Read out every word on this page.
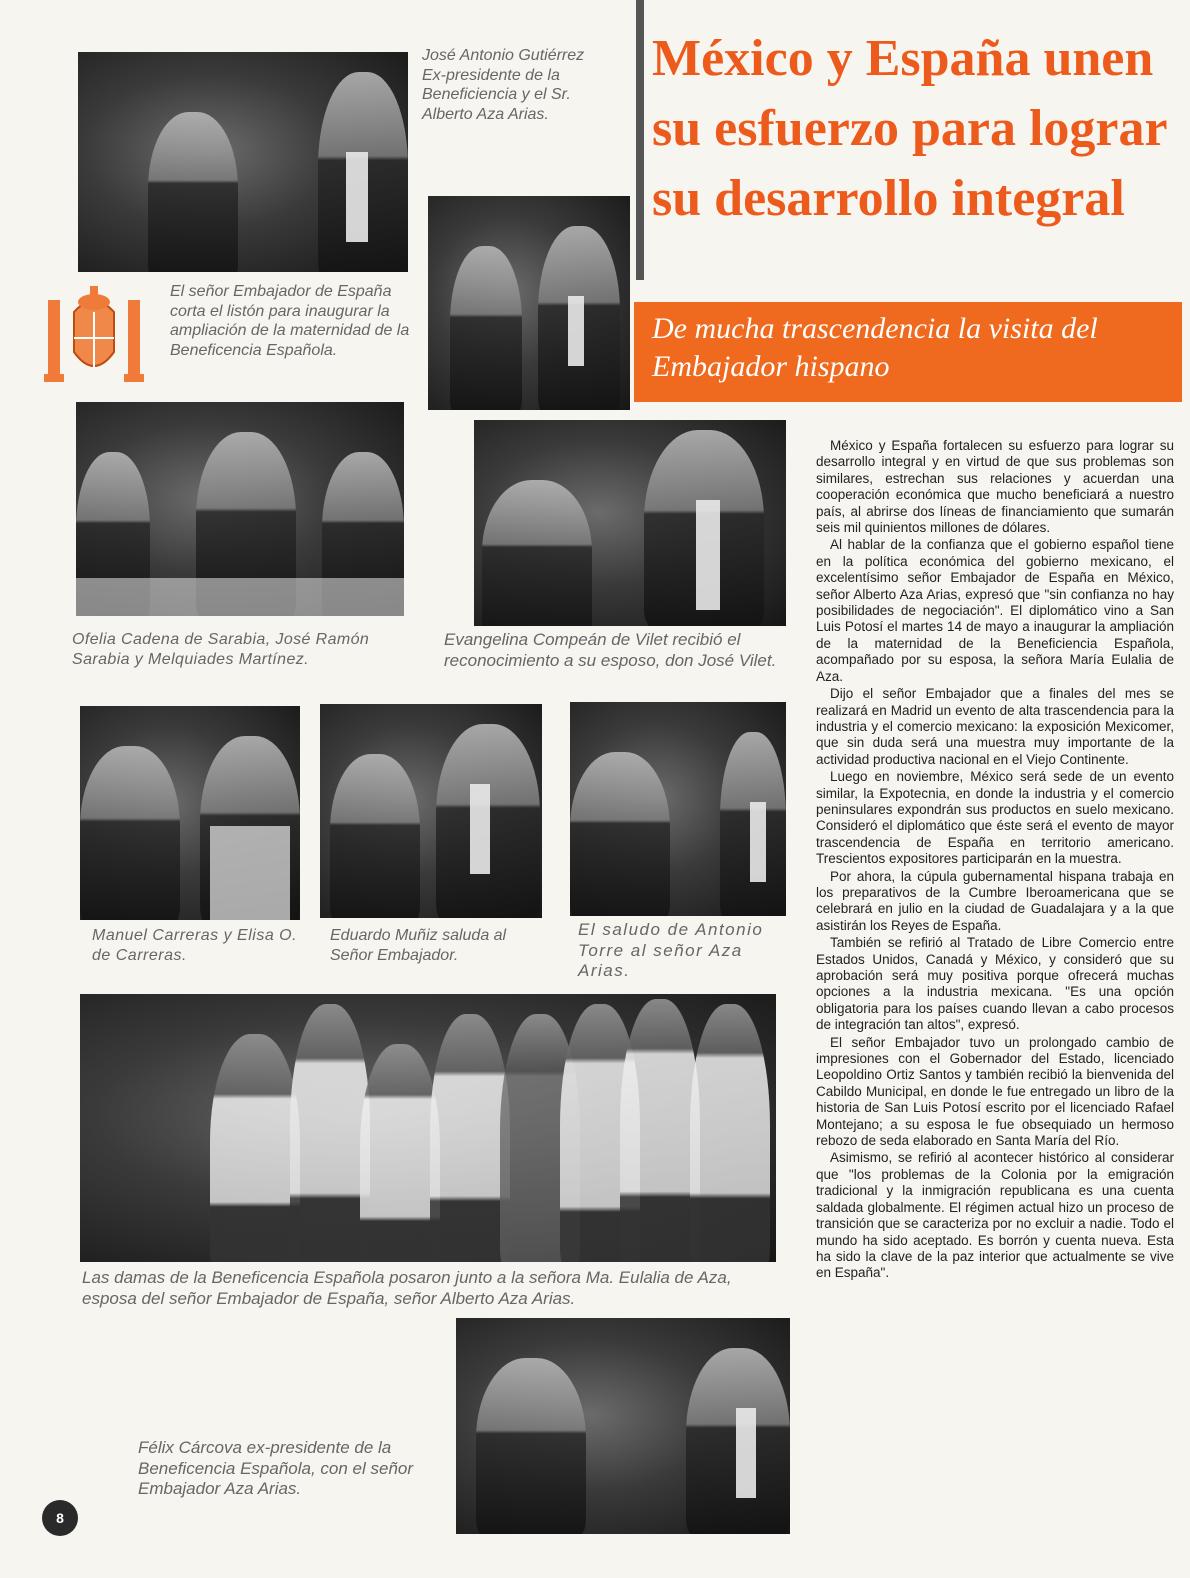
México y España unen su esfuerzo para lograr su desarrollo integral
De mucha trascendencia la visita del Embajador hispano
José Antonio Gutiérrez Ex-presidente de la Beneficiencia y el Sr. Alberto Aza Arias.
El señor Embajador de España corta el listón para inaugurar la ampliación de la maternidad de la Beneficencia Española.
Ofelia Cadena de Sarabia, José Ramón Sarabia y Melquiades Martínez.
Evangelina Compeán de Vilet recibió el reconocimiento a su esposo, don José Vilet.
Manuel Carreras y Elisa O. de Carreras.
Eduardo Muñiz saluda al Señor Embajador.
El saludo de Antonio Torre al señor Aza Arias.
Las damas de la Beneficencia Española posaron junto a la señora Ma. Eulalia de Aza, esposa del señor Embajador de España, señor Alberto Aza Arias.
Félix Cárcova ex-presidente de la Beneficencia Española, con el señor Embajador Aza Arias.

México y España fortalecen su esfuerzo para lograr su desarrollo integral y en virtud de que sus problemas son similares, estrechan sus relaciones y acuerdan una cooperación económica que mucho beneficiará a nuestro país, al abrirse dos líneas de financiamiento que sumarán seis mil quinientos millones de dólares.

Al hablar de la confianza que el gobierno español tiene en la política económica del gobierno mexicano, el excelentísimo señor Embajador de España en México, señor Alberto Aza Arias, expresó que "sin confianza no hay posibilidades de negociación". El diplomático vino a San Luis Potosí el martes 14 de mayo a inaugurar la ampliación de la maternidad de la Beneficiencia Española, acompañado por su esposa, la señora María Eulalia de Aza.

Dijo el señor Embajador que a finales del mes se realizará en Madrid un evento de alta trascendencia para la industria y el comercio mexicano: la exposición Mexicomer, que sin duda será una muestra muy importante de la actividad productiva nacional en el Viejo Continente.

Luego en noviembre, México será sede de un evento similar, la Expotecnia, en donde la industria y el comercio peninsulares expondrán sus productos en suelo mexicano. Consideró el diplomático que éste será el evento de mayor trascendencia de España en territorio americano. Trescientos expositores participarán en la muestra.

Por ahora, la cúpula gubernamental hispana trabaja en los preparativos de la Cumbre Iberoamericana que se celebrará en julio en la ciudad de Guadalajara y a la que asistirán los Reyes de España.

También se refirió al Tratado de Libre Comercio entre Estados Unidos, Canadá y México, y consideró que su aprobación será muy positiva porque ofrecerá muchas opciones a la industria mexicana. "Es una opción obligatoria para los países cuando llevan a cabo procesos de integración tan altos", expresó.

El señor Embajador tuvo un prolongado cambio de impresiones con el Gobernador del Estado, licenciado Leopoldino Ortiz Santos y también recibió la bienvenida del Cabildo Municipal, en donde le fue entregado un libro de la historia de San Luis Potosí escrito por el licenciado Rafael Montejano; a su esposa le fue obsequiado un hermoso rebozo de seda elaborado en Santa María del Río.

Asimismo, se refirió al acontecer histórico al considerar que "los problemas de la Colonia por la emigración tradicional y la inmigración republicana es una cuenta saldada globalmente. El régimen actual hizo un proceso de transición que se caracteriza por no excluir a nadie. Todo el mundo ha sido aceptado. Es borrón y cuenta nueva. Esta ha sido la clave de la paz interior que actualmente se vive en España".

8
